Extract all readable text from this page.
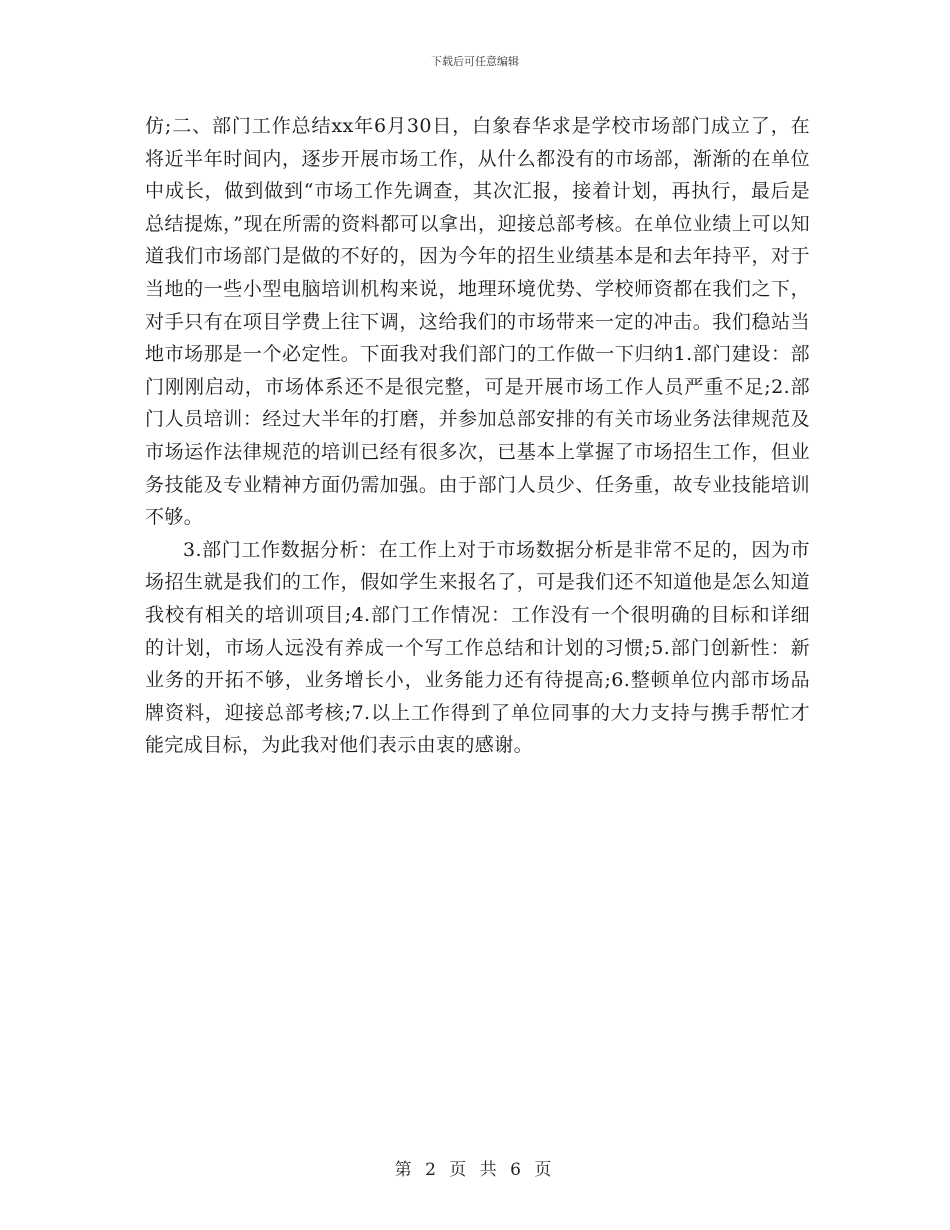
下载后可任意编辑

仿;二、部门工作总结xx年6月30日，白象春华求是学校市场部门成立了，在将近半年时间内，逐步开展市场工作，从什么都没有的市场部，渐渐的在单位中成长，做到做到“市场工作先调查，其次汇报，接着计划，再执行，最后是总结提炼，”现在所需的资料都可以拿出，迎接总部考核。在单位业绩上可以知道我们市场部门是做的不好的，因为今年的招生业绩基本是和去年持平，对于当地的一些小型电脑培训机构来说，地理环境优势、学校师资都在我们之下，对手只有在项目学费上往下调，这给我们的市场带来一定的冲击。我们稳站当地市场那是一个必定性。下面我对我们部门的工作做一下归纳1.部门建设：部门刚刚启动，市场体系还不是很完整，可是开展市场工作人员严重不足;2.部门人员培训：经过大半年的打磨，并参加总部安排的有关市场业务法律规范及市场运作法律规范的培训已经有很多次，已基本上掌握了市场招生工作，但业务技能及专业精神方面仍需加强。由于部门人员少、任务重，故专业技能培训不够。

3.部门工作数据分析：在工作上对于市场数据分析是非常不足的，因为市场招生就是我们的工作，假如学生来报名了，可是我们还不知道他是怎么知道我校有相关的培训项目;4.部门工作情况：工作没有一个很明确的目标和详细的计划，市场人远没有养成一个写工作总结和计划的习惯;5.部门创新性：新业务的开拓不够，业务增长小，业务能力还有待提高;6.整顿单位内部市场品牌资料，迎接总部考核;7.以上工作得到了单位同事的大力支持与携手帮忙才能完成目标，为此我对他们表示由衷的感谢。

第 2 页 共 6 页
